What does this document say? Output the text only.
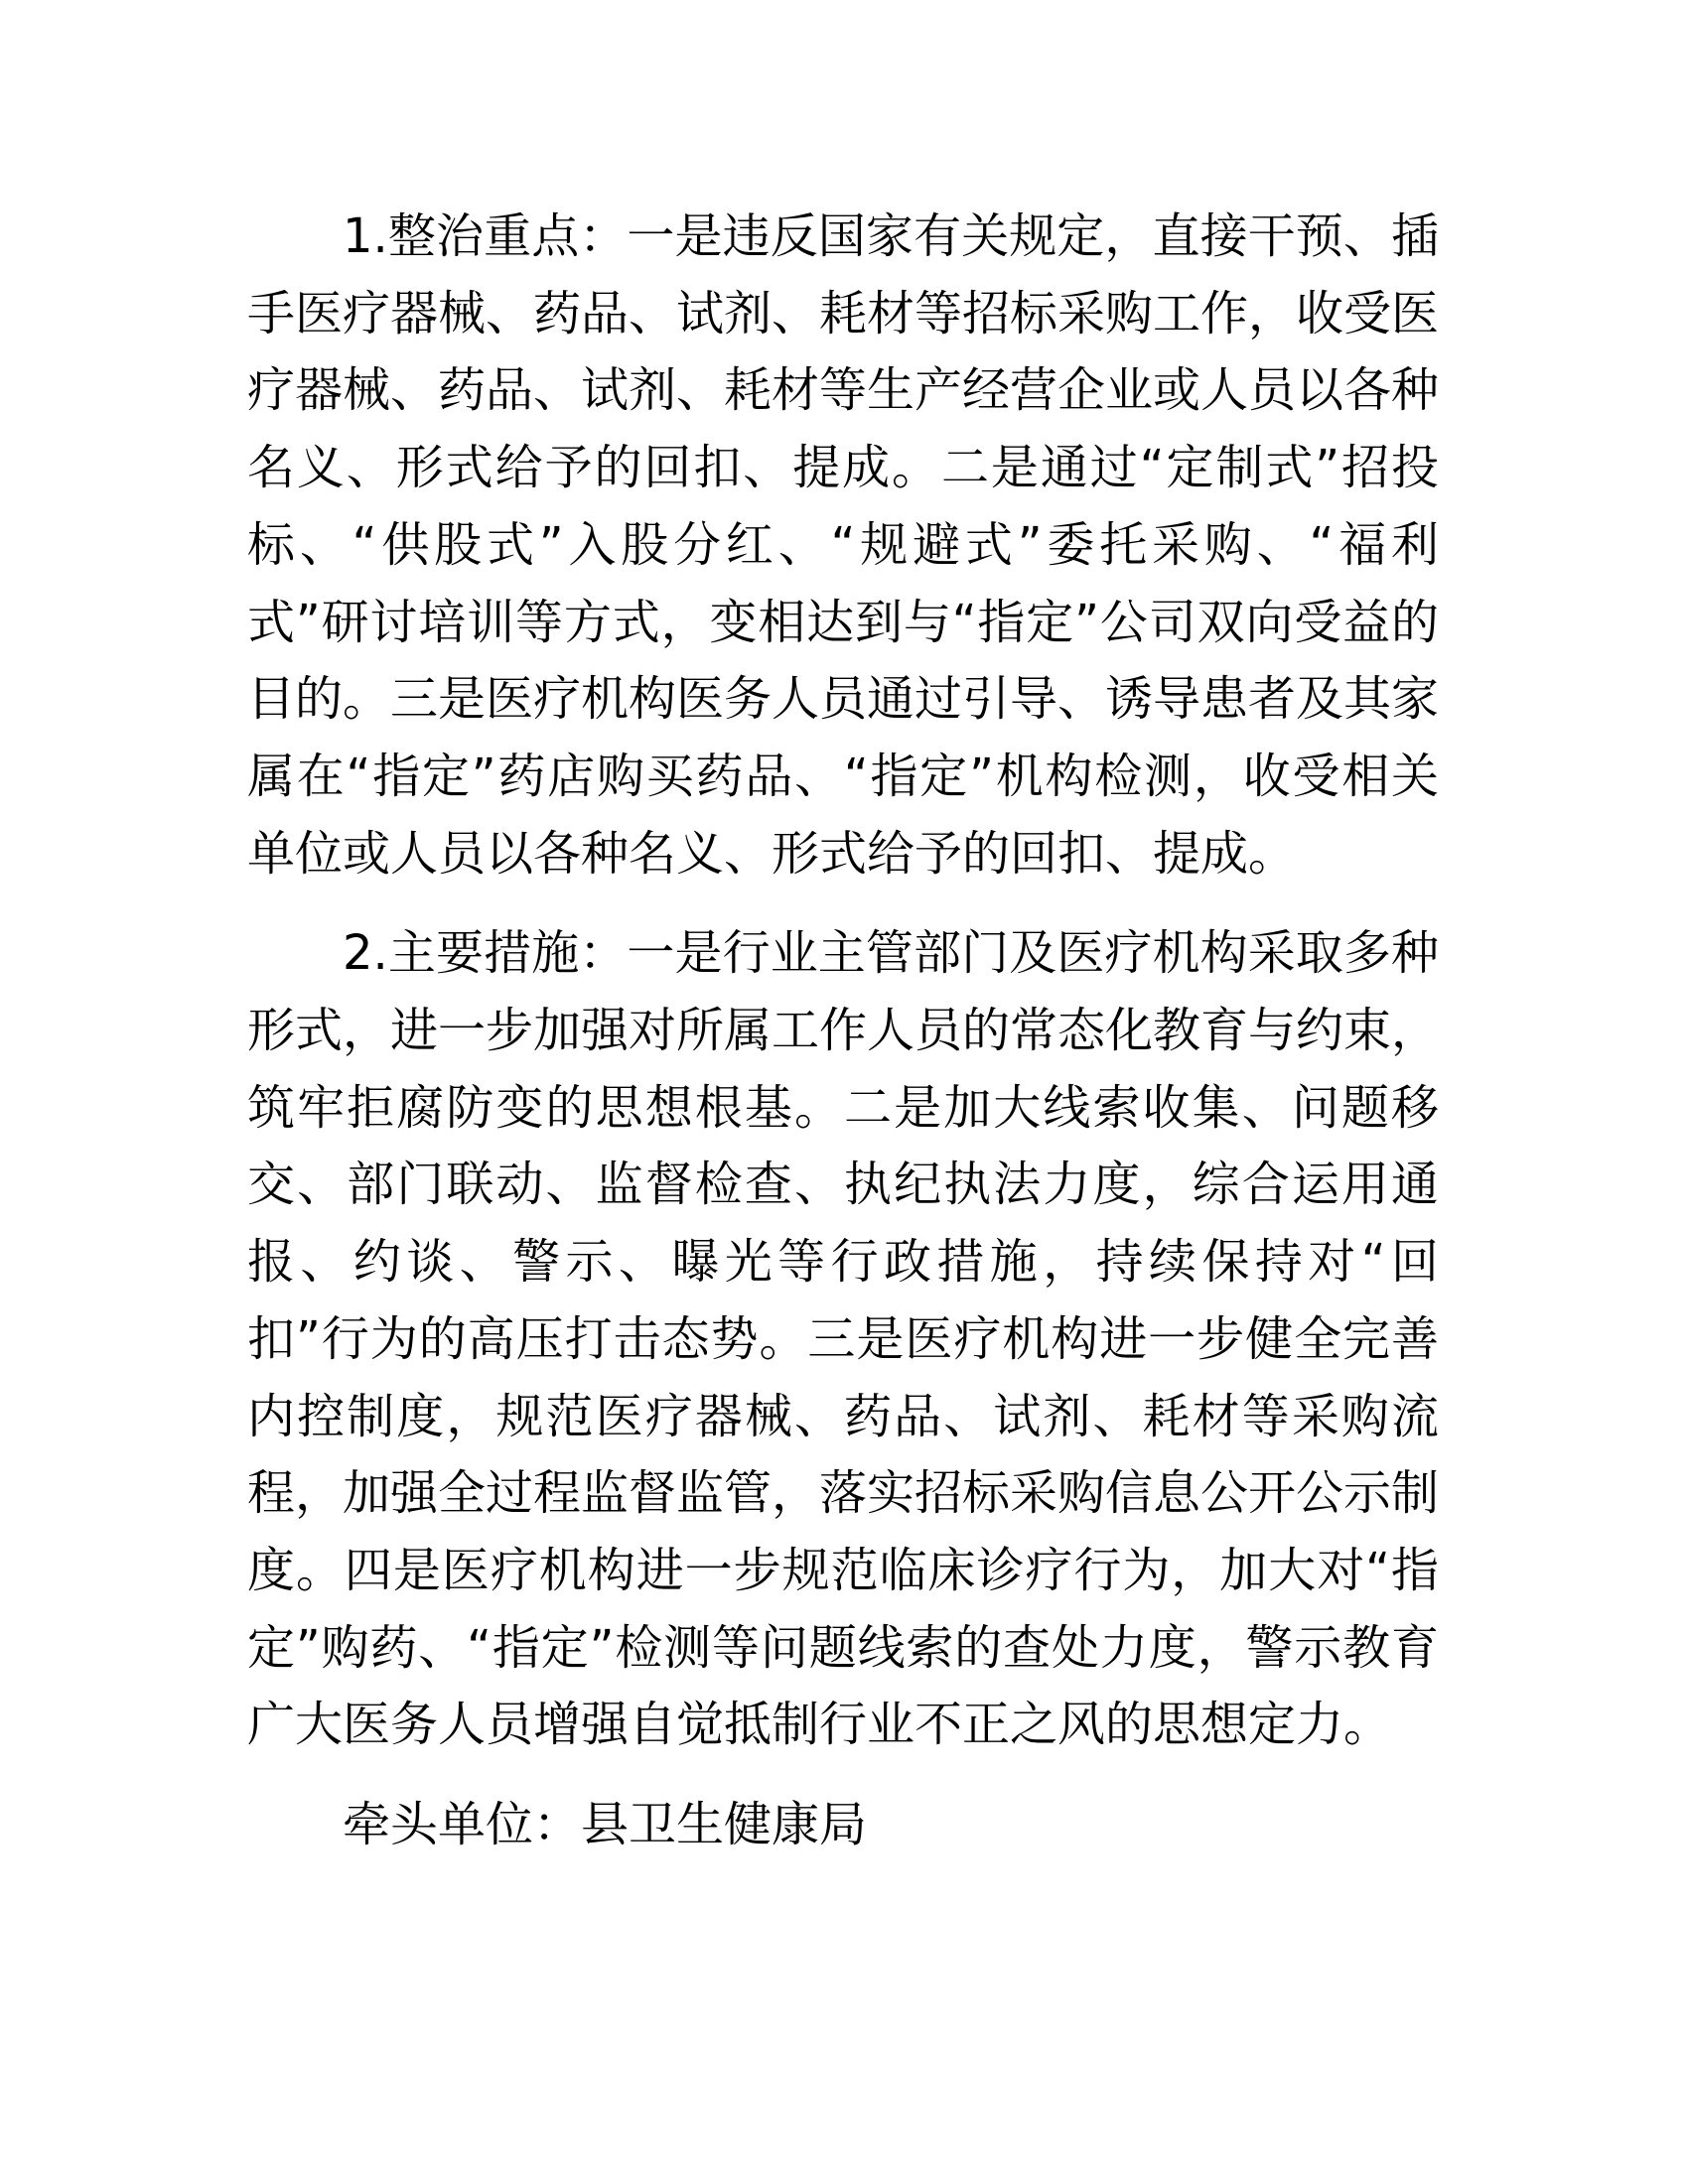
1.整治重点：一是违反国家有关规定，直接干预、插手医疗器械、药品、试剂、耗材等招标采购工作，收受医疗器械、药品、试剂、耗材等生产经营企业或人员以各种名义、形式给予的回扣、提成。二是通过“定制式”招投标、“供股式”入股分红、“规避式”委托采购、“福利式”研讨培训等方式，变相达到与“指定”公司双向受益的目的。三是医疗机构医务人员通过引导、诱导患者及其家属在“指定”药店购买药品、“指定”机构检测，收受相关单位或人员以各种名义、形式给予的回扣、提成。

2.主要措施：一是行业主管部门及医疗机构采取多种形式，进一步加强对所属工作人员的常态化教育与约束，筑牢拒腐防变的思想根基。二是加大线索收集、问题移交、部门联动、监督检查、执纪执法力度，综合运用通报、约谈、警示、曝光等行政措施，持续保持对“回扣”行为的高压打击态势。三是医疗机构进一步健全完善内控制度，规范医疗器械、药品、试剂、耗材等采购流程，加强全过程监督监管，落实招标采购信息公开公示制度。四是医疗机构进一步规范临床诊疗行为，加大对“指定”购药、“指定”检测等问题线索的查处力度，警示教育广大医务人员增强自觉抵制行业不正之风的思想定力。

牵头单位：县卫生健康局
